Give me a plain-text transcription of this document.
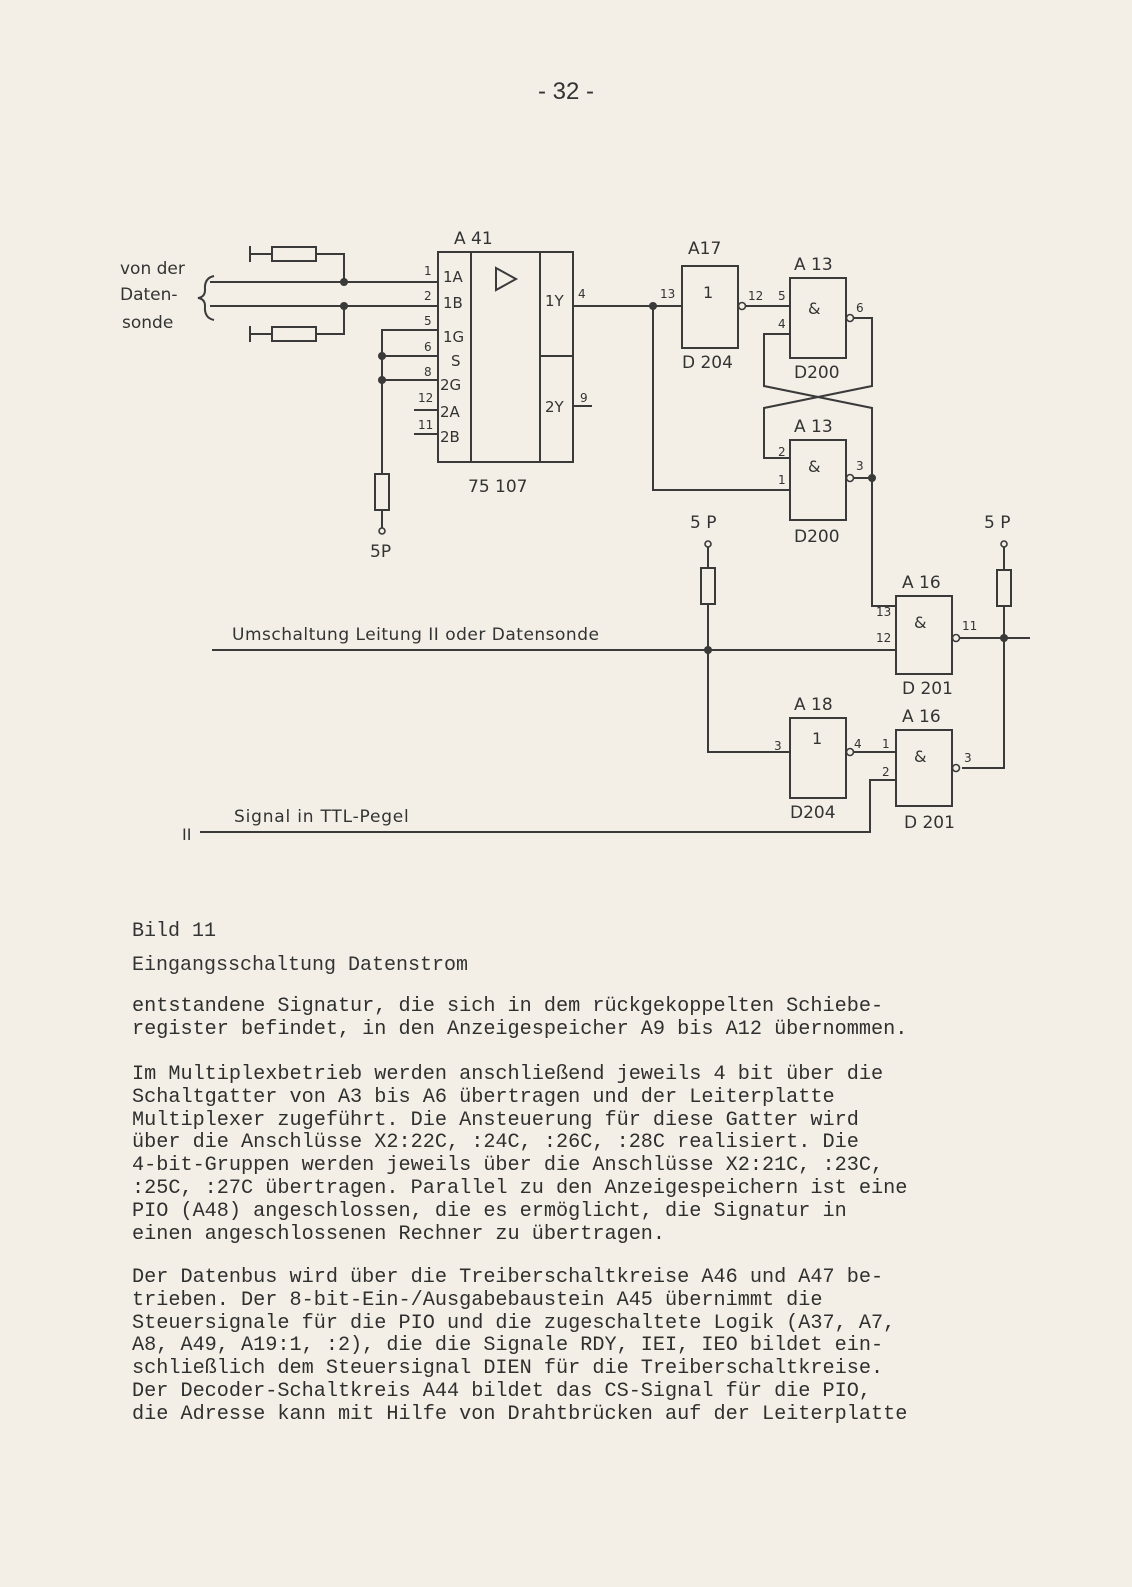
- 32 -
von der
Daten-
sonde
A 41
1A
1B
1G
S
2G
2A
2B
1
2
5
6
8
12
11
1Y
2Y
4
9
75 107
5P
A17
1
13	12
D 204
A 13
&
5
4
6
D200
A 13
&
2
1
3
D200
5 P	5 P
Umschaltung Leitung II oder Datensonde
A 16
&
13
12
11
D 201
A 18
1
3	4
D204
A 16
&
1
2
3
D 201
II
Signal in TTL-Pegel
Bild 11
Eingangsschaltung Datenstrom
entstandene Signatur, die sich in dem rückgekoppelten Schiebe-
register befindet, in den Anzeigespeicher A9 bis A12 übernommen.
Im Multiplexbetrieb werden anschließend jeweils 4 bit über die
Schaltgatter von A3 bis A6 übertragen und der Leiterplatte
Multiplexer zugeführt. Die Ansteuerung für diese Gatter wird
über die Anschlüsse X2:22C, :24C, :26C, :28C realisiert. Die
4-bit-Gruppen werden jeweils über die Anschlüsse X2:21C, :23C,
:25C, :27C übertragen. Parallel zu den Anzeigespeichern ist eine
PIO (A48) angeschlossen, die es ermöglicht, die Signatur in
einen angeschlossenen Rechner zu übertragen.
Der Datenbus wird über die Treiberschaltkreise A46 und A47 be-
trieben. Der 8-bit-Ein-/Ausgabebaustein A45 übernimmt die
Steuersignale für die PIO und die zugeschaltete Logik (A37, A7,
A8, A49, A19:1, :2), die die Signale RDY, IEI, IEO bildet ein-
schließlich dem Steuersignal DIEN für die Treiberschaltkreise.
Der Decoder-Schaltkreis A44 bildet das CS-Signal für die PIO,
die Adresse kann mit Hilfe von Drahtbrücken auf der Leiterplatte
